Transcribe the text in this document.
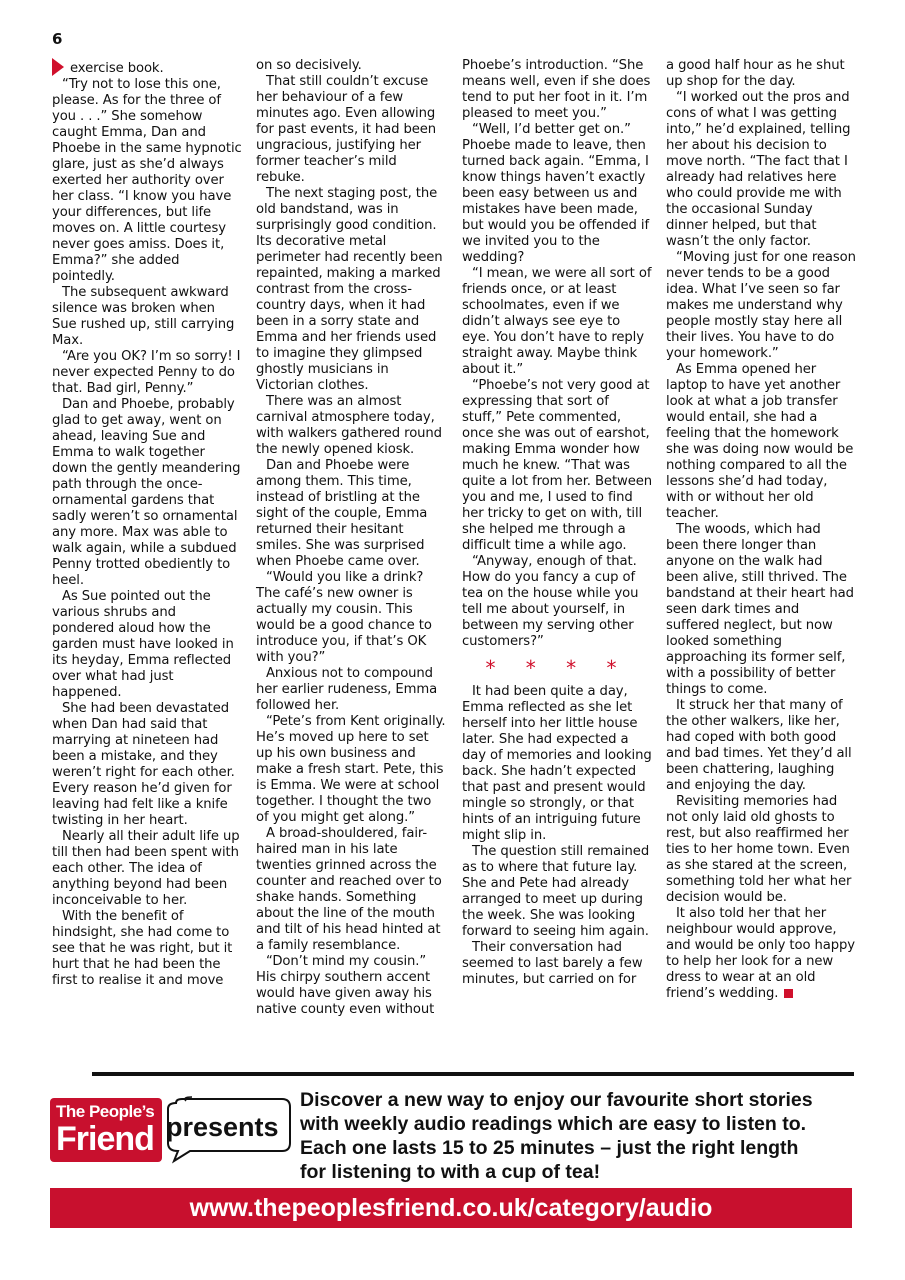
6

exercise book.

“Try not to lose this one, please. As for the three of you . . .” She somehow caught Emma, Dan and Phoebe in the same hypnotic glare, just as she’d always exerted her authority over her class. “I know you have your differences, but life moves on. A little courtesy never goes amiss. Does it, Emma?” she added pointedly.

The subsequent awkward silence was broken when Sue rushed up, still carrying Max.

“Are you OK? I’m so sorry! I never expected Penny to do that. Bad girl, Penny.”

Dan and Phoebe, probably glad to get away, went on ahead, leaving Sue and Emma to walk together down the gently meandering path through the once-ornamental gardens that sadly weren’t so ornamental any more. Max was able to walk again, while a subdued Penny trotted obediently to heel.

As Sue pointed out the various shrubs and pondered aloud how the garden must have looked in its heyday, Emma reflected over what had just happened.

She had been devastated when Dan had said that marrying at nineteen had been a mistake, and they weren’t right for each other. Every reason he’d given for leaving had felt like a knife twisting in her heart.

Nearly all their adult life up till then had been spent with each other. The idea of anything beyond had been inconceivable to her.

With the benefit of hindsight, she had come to see that he was right, but it hurt that he had been the first to realise it and move

on so decisively.

That still couldn’t excuse her behaviour of a few minutes ago. Even allowing for past events, it had been ungracious, justifying her former teacher’s mild rebuke.

The next staging post, the old bandstand, was in surprisingly good condition. Its decorative metal perimeter had recently been repainted, making a marked contrast from the cross-country days, when it had been in a sorry state and Emma and her friends used to imagine they glimpsed ghostly musicians in Victorian clothes.

There was an almost carnival atmosphere today, with walkers gathered round the newly opened kiosk.

Dan and Phoebe were among them. This time, instead of bristling at the sight of the couple, Emma returned their hesitant smiles. She was surprised when Phoebe came over.

“Would you like a drink? The café’s new owner is actually my cousin. This would be a good chance to introduce you, if that’s OK with you?”

Anxious not to compound her earlier rudeness, Emma followed her.

“Pete’s from Kent originally. He’s moved up here to set up his own business and make a fresh start. Pete, this is Emma. We were at school together. I thought the two of you might get along.”

A broad-shouldered, fair-haired man in his late twenties grinned across the counter and reached over to shake hands. Something about the line of the mouth and tilt of his head hinted at a family resemblance.

“Don’t mind my cousin.” His chirpy southern accent would have given away his native county even without

Phoebe’s introduction. “She means well, even if she does tend to put her foot in it. I’m pleased to meet you.”

“Well, I’d better get on.” Phoebe made to leave, then turned back again. “Emma, I know things haven’t exactly been easy between us and mistakes have been made, but would you be offended if we invited you to the wedding?

“I mean, we were all sort of friends once, or at least schoolmates, even if we didn’t always see eye to eye. You don’t have to reply straight away. Maybe think about it.”

“Phoebe’s not very good at expressing that sort of stuff,” Pete commented, once she was out of earshot, making Emma wonder how much he knew. “That was quite a lot from her. Between you and me, I used to find her tricky to get on with, till she helped me through a difficult time a while ago.

“Anyway, enough of that. How do you fancy a cup of tea on the house while you tell me about yourself, in between my serving other customers?”

* * * *

It had been quite a day, Emma reflected as she let herself into her little house later. She had expected a day of memories and looking back. She hadn’t expected that past and present would mingle so strongly, or that hints of an intriguing future might slip in.

The question still remained as to where that future lay. She and Pete had already arranged to meet up during the week. She was looking forward to seeing him again.

Their conversation had seemed to last barely a few minutes, but carried on for

a good half hour as he shut up shop for the day.

“I worked out the pros and cons of what I was getting into,” he’d explained, telling her about his decision to move north. “The fact that I already had relatives here who could provide me with the occasional Sunday dinner helped, but that wasn’t the only factor.

“Moving just for one reason never tends to be a good idea. What I’ve seen so far makes me understand why people mostly stay here all their lives. You have to do your homework.”

As Emma opened her laptop to have yet another look at what a job transfer would entail, she had a feeling that the homework she was doing now would be nothing compared to all the lessons she’d had today, with or without her old teacher.

The woods, which had been there longer than anyone on the walk had been alive, still thrived. The bandstand at their heart had seen dark times and suffered neglect, but now looked something approaching its former self, with a possibility of better things to come.

It struck her that many of the other walkers, like her, had coped with both good and bad times. Yet they’d all been chattering, laughing and enjoying the day.

Revisiting memories had not only laid old ghosts to rest, but also reaffirmed her ties to her home town. Even as she stared at the screen, something told her what her decision would be.

It also told her that her neighbour would approve, and would be only too happy to help her look for a new dress to wear at an old friend’s wedding.

The People’s
Friend presents
Discover a new way to enjoy our favourite short stories
with weekly audio readings which are easy to listen to.
Each one lasts 15 to 25 minutes – just the right length
for listening to with a cup of tea!
www.thepeoplesfriend.co.uk/category/audio
